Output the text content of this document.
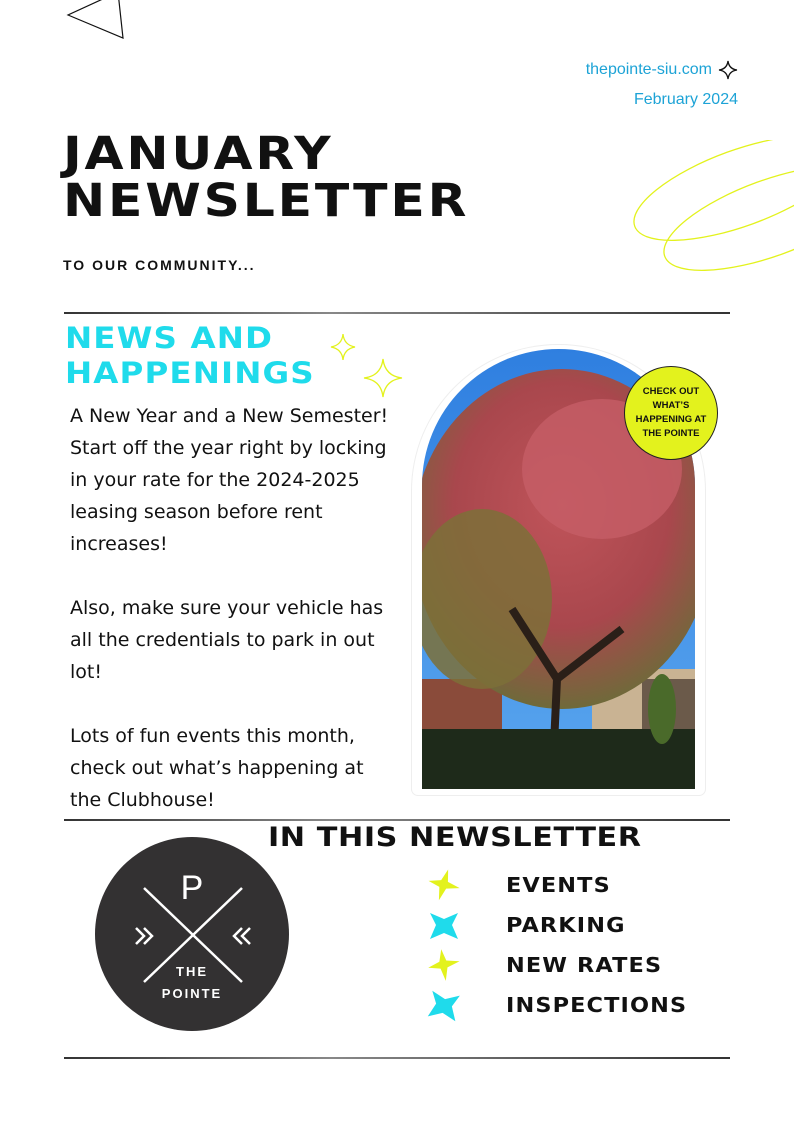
thepointe-siu.com
February 2024
JANUARY
NEWSLETTER
TO OUR COMMUNITY...
NEWS AND
HAPPENINGS

A New Year and a New Semester! Start off the year right by locking in your rate for the 2024-2025 leasing season before rent increases!

Also, make sure your vehicle has all the credentials to park in out lot!

Lots of fun events this month, check out what’s happening at the Clubhouse!

CHECK OUT WHAT’S HAPPENING AT THE POINTE
P
THE
POINTE
IN THIS NEWSLETTER
EVENTS
PARKING
NEW RATES
INSPECTIONS
